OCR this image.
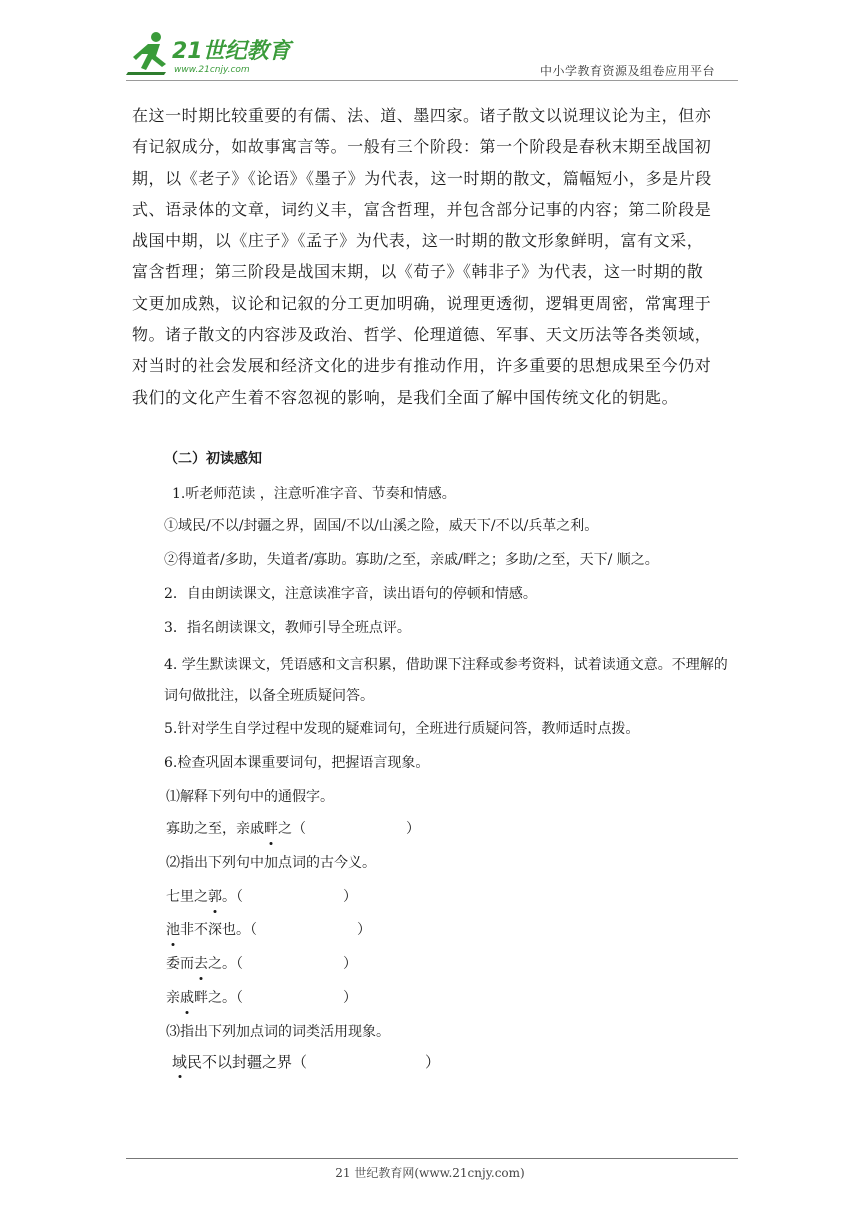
21世纪教育
www.21cnjy.com	中小学教育资源及组卷应用平台

在这一时期比较重要的有儒、法、道、墨四家。诸子散文以说理议论为主，但亦

有记叙成分，如故事寓言等。一般有三个阶段：第一个阶段是春秋末期至战国初

期，以《老子》《论语》《墨子》为代表，这一时期的散文，篇幅短小，多是片段

式、语录体的文章，词约义丰，富含哲理，并包含部分记事的内容；第二阶段是

战国中期，以《庄子》《孟子》为代表，这一时期的散文形象鲜明，富有文采，

富含哲理；第三阶段是战国末期，以《荀子》《韩非子》为代表，这一时期的散

文更加成熟，议论和记叙的分工更加明确，说理更透彻，逻辑更周密，常寓理于

物。诸子散文的内容涉及政治、哲学、伦理道德、军事、天文历法等各类领域，

对当时的社会发展和经济文化的进步有推动作用，许多重要的思想成果至今仍对

我们的文化产生着不容忽视的影响，是我们全面了解中国传统文化的钥匙。

（二）初读感知
1.听老师范读 ，注意听准字音、节奏和情感。
①域民/不以/封疆之界，固国/不以/山溪之险，威天下/不以/兵革之利。
②得道者/多助，失道者/寡助。寡助/之至，亲戚/畔之；多助/之至，天下/ 顺之。
2．自由朗读课文，注意读准字音，读出语句的停顿和情感。
3．指名朗读课文，教师引导全班点评。
4. 学生默读课文，凭语感和文言积累，借助课下注释或参考资料，试着读通文意。不理解的词句做批注，以备全班质疑问答。
5.针对学生自学过程中发现的疑难词句，全班进行质疑问答，教师适时点拨。
6.检查巩固本课重要词句，把握语言现象。
⑴解释下列句中的通假字。
寡助之至，亲戚畔之（	）
⑵指出下列句中加点词的古今义。
七里之郭。（	）
池非不深也。（	）
委而去之。（	）
亲戚畔之。（	）
⑶指出下列加点词的词类活用现象。
域民不以封疆之界（	）
21 世纪教育网(www.21cnjy.com)
